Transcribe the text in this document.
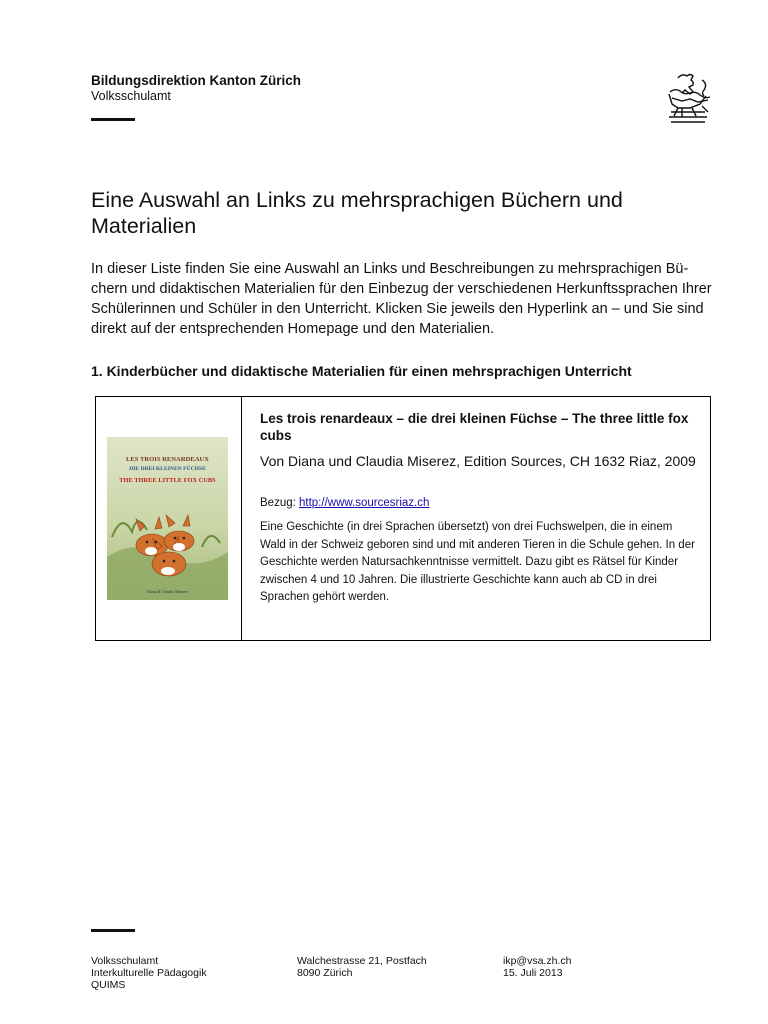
Bildungsdirektion Kanton Zürich
Volksschulamt
Eine Auswahl an Links zu mehrsprachigen Büchern und Materialien

In dieser Liste finden Sie eine Auswahl an Links und Beschreibungen zu mehrsprachigen Bü-chern und didaktischen Materialien für den Einbezug der verschiedenen Herkunftssprachen Ihrer Schülerinnen und Schüler in den Unterricht. Klicken Sie jeweils den Hyperlink an – und Sie sind direkt auf der entsprechenden Homepage und den Materialien.

1. Kinderbücher und didaktische Materialien für einen mehrsprachigen Unterricht
LES TROIS RENARDEAUX
DIE DREI KLEINEN FÜCHSE
THE THREE LITTLE FOX CUBS
Diana & Claudia Miserez
Les trois renardeaux – die drei kleinen Füchse – The three little fox cubs
Von Diana und Claudia Miserez, Edition Sources, CH 1632 Riaz, 2009
Bezug: http://www.sourcesriaz.ch
Eine Geschichte (in drei Sprachen übersetzt) von drei Fuchswelpen, die in einem Wald in der Schweiz geboren sind und mit anderen Tieren in die Schule gehen. In der Geschichte werden Natursachkenntnisse vermittelt. Dazu gibt es Rätsel für Kinder zwischen 4 und 10 Jahren. Die illustrierte Geschichte kann auch ab CD in drei Sprachen gehört werden.
Volksschulamt
Interkulturelle Pädagogik
QUIMS
Walchestrasse 21, Postfach
8090 Zürich
ikp@vsa.zh.ch
15. Juli 2013
